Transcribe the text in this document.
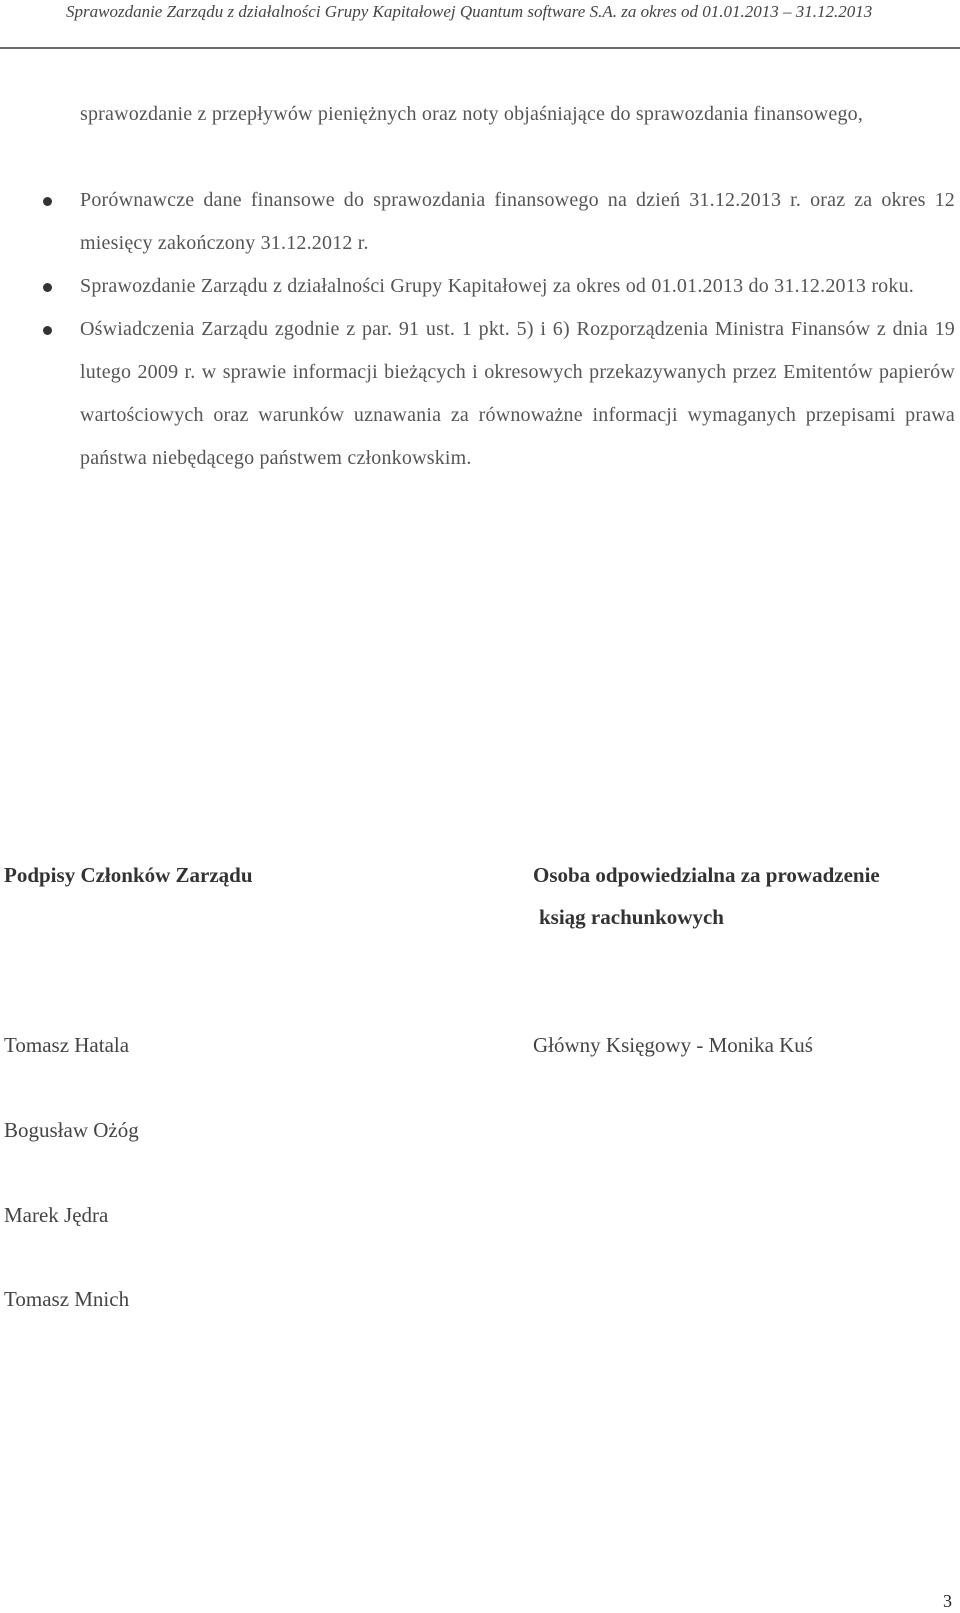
Sprawozdanie Zarządu z działalności Grupy Kapitałowej Quantum software S.A. za okres od 01.01.2013 – 31.12.2013
sprawozdanie z przepływów pieniężnych oraz noty objaśniające do sprawozdania finansowego,
Porównawcze dane finansowe do sprawozdania finansowego na dzień 31.12.2013 r. oraz za okres 12 miesięcy zakończony 31.12.2012 r.
Sprawozdanie Zarządu z działalności Grupy Kapitałowej za okres od 01.01.2013 do 31.12.2013 roku.
Oświadczenia Zarządu zgodnie z par. 91 ust. 1 pkt. 5) i 6) Rozporządzenia Ministra Finansów z dnia 19 lutego 2009 r. w sprawie informacji bieżących i okresowych przekazywanych przez Emitentów papierów wartościowych oraz warunków uznawania za równoważne informacji wymaganych przepisami prawa państwa niebędącego państwem członkowskim.
Podpisy Członków Zarządu	Osoba odpowiedzialna za prowadzenie
ksiąg rachunkowych
Tomasz Hatala	Główny Księgowy - Monika Kuś
Bogusław Ożóg
Marek Jędra
Tomasz Mnich
3
